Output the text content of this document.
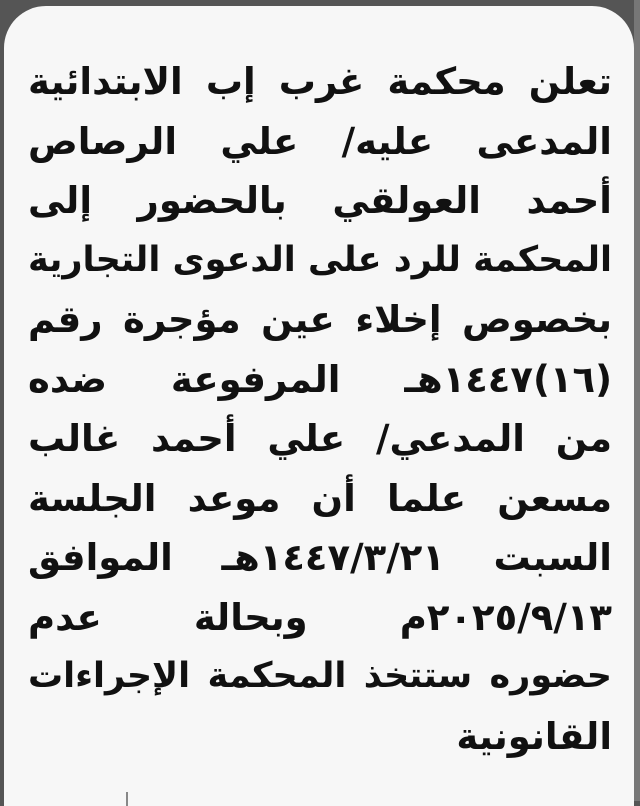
تعلن محكمة غرب إب الابتدائية
المدعى عليه/ علي الرصاص
أحمد العولقي بالحضور إلى
المحكمة للرد على الدعوى التجارية
بخصوص إخلاء عين مؤجرة رقم
(١٦)١٤٤٧هـ المرفوعة ضده
من المدعي/ علي أحمد غالب
مسعن علما أن موعد الجلسة
السبت ١٤٤٧/٣/٢١هـ الموافق
٢٠٢٥/٩/١٣م وبحالة عدم
حضوره ستتخذ المحكمة الإجراءات
القانونية
